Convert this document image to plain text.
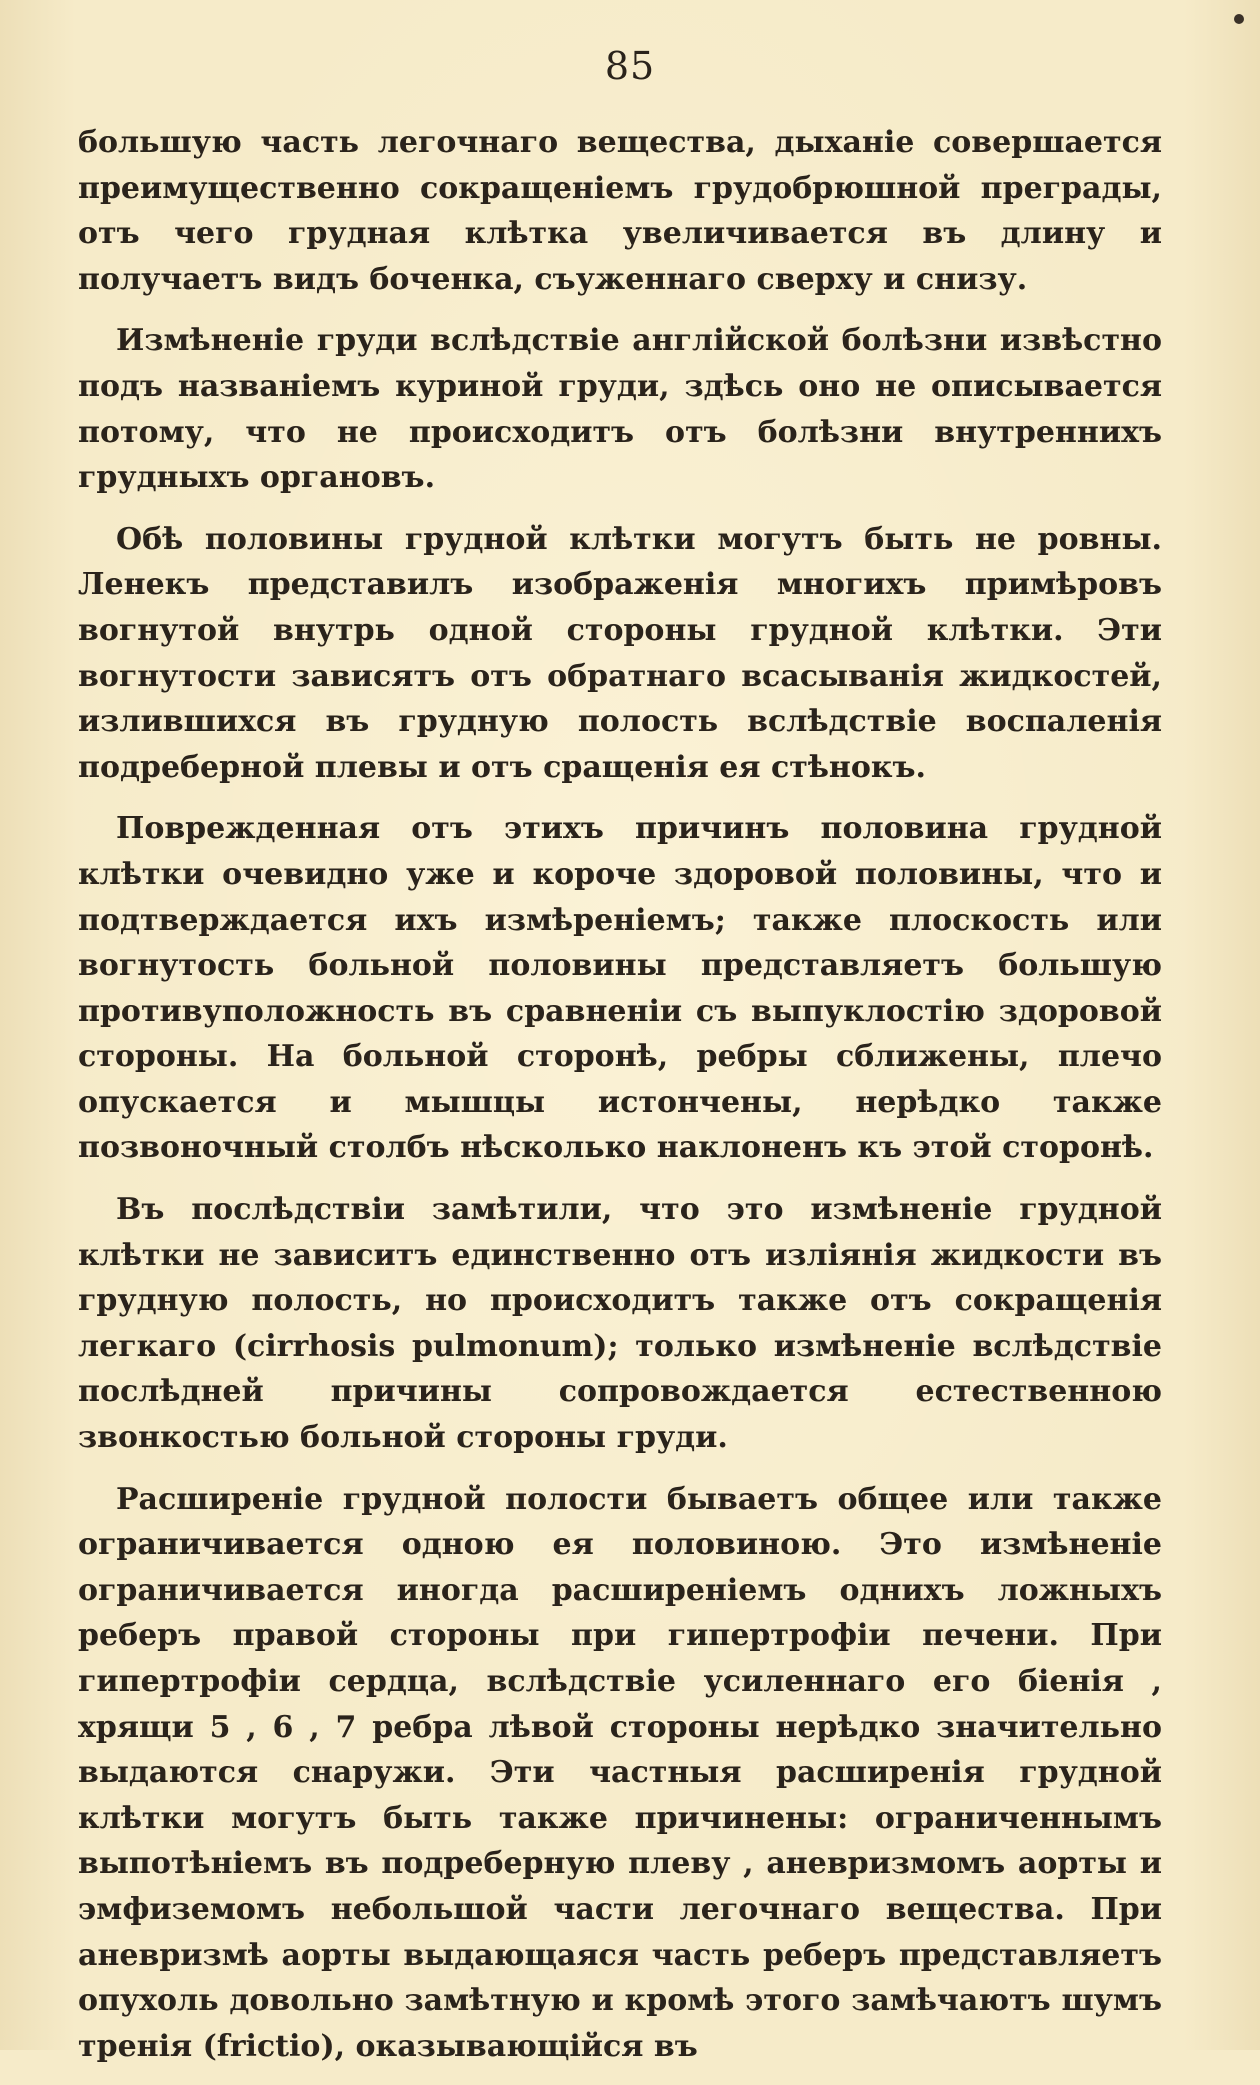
85

большую часть легочнаго вещества, дыханіе совершается преимущественно сокращеніемъ грудобрюшной преграды, отъ чего грудная клѣтка увеличивается въ длину и получаетъ видъ боченка, съуженнаго сверху и снизу.

Измѣненіе груди вслѣдствіе англійской болѣзни извѣстно подъ названіемъ куриной груди, здѣсь оно не описывается потому, что не происходитъ отъ болѣзни внутреннихъ грудныхъ органовъ.

Обѣ половины грудной клѣтки могутъ быть не ровны. Ленекъ представилъ изображенія многихъ примѣровъ вогнутой внутрь одной стороны грудной клѣтки. Эти вогнутости зависятъ отъ обратнаго всасыванія жидкостей, излившихся въ грудную полость вслѣдствіе воспаленія подреберной плевы и отъ сращенія ея стѣнокъ.

Поврежденная отъ этихъ причинъ половина грудной клѣтки очевидно уже и короче здоровой половины, что и подтверждается ихъ измѣреніемъ; также плоскость или вогнутость больной половины представляетъ большую противуположность въ сравненіи съ выпуклостію здоровой стороны. На больной сторонѣ, ребры сближены, плечо опускается и мышцы истончены, нерѣдко также позвоночный столбъ нѣсколько наклоненъ къ этой сторонѣ.

Въ послѣдствіи замѣтили, что это измѣненіе грудной клѣтки не зависитъ единственно отъ изліянія жидкости въ грудную полость, но происходитъ также отъ сокращенія легкаго (cirrhosis pulmonum); только измѣненіе вслѣдствіе послѣдней причины сопровождается естественною звонкостью больной стороны груди.

Расширеніе грудной полости бываетъ общее или также ограничивается одною ея половиною. Это измѣненіе ограничивается иногда расширеніемъ однихъ ложныхъ реберъ правой стороны при гипертрофіи печени. При гипертрофіи сердца, вслѣдствіе усиленнаго его біенія , хрящи 5 , 6 , 7 ребра лѣвой стороны нерѣдко значительно выдаются снаружи. Эти частныя расширенія грудной клѣтки могутъ быть также причинены: ограниченнымъ выпотѣніемъ въ подреберную плеву , аневризмомъ аорты и эмфиземомъ небольшой части легочнаго вещества. При аневризмѣ аорты выдающаяся часть реберъ представляетъ опухоль довольно замѣтную и кромѣ этого замѣчаютъ шумъ тренія (frictio), оказывающійся въ
